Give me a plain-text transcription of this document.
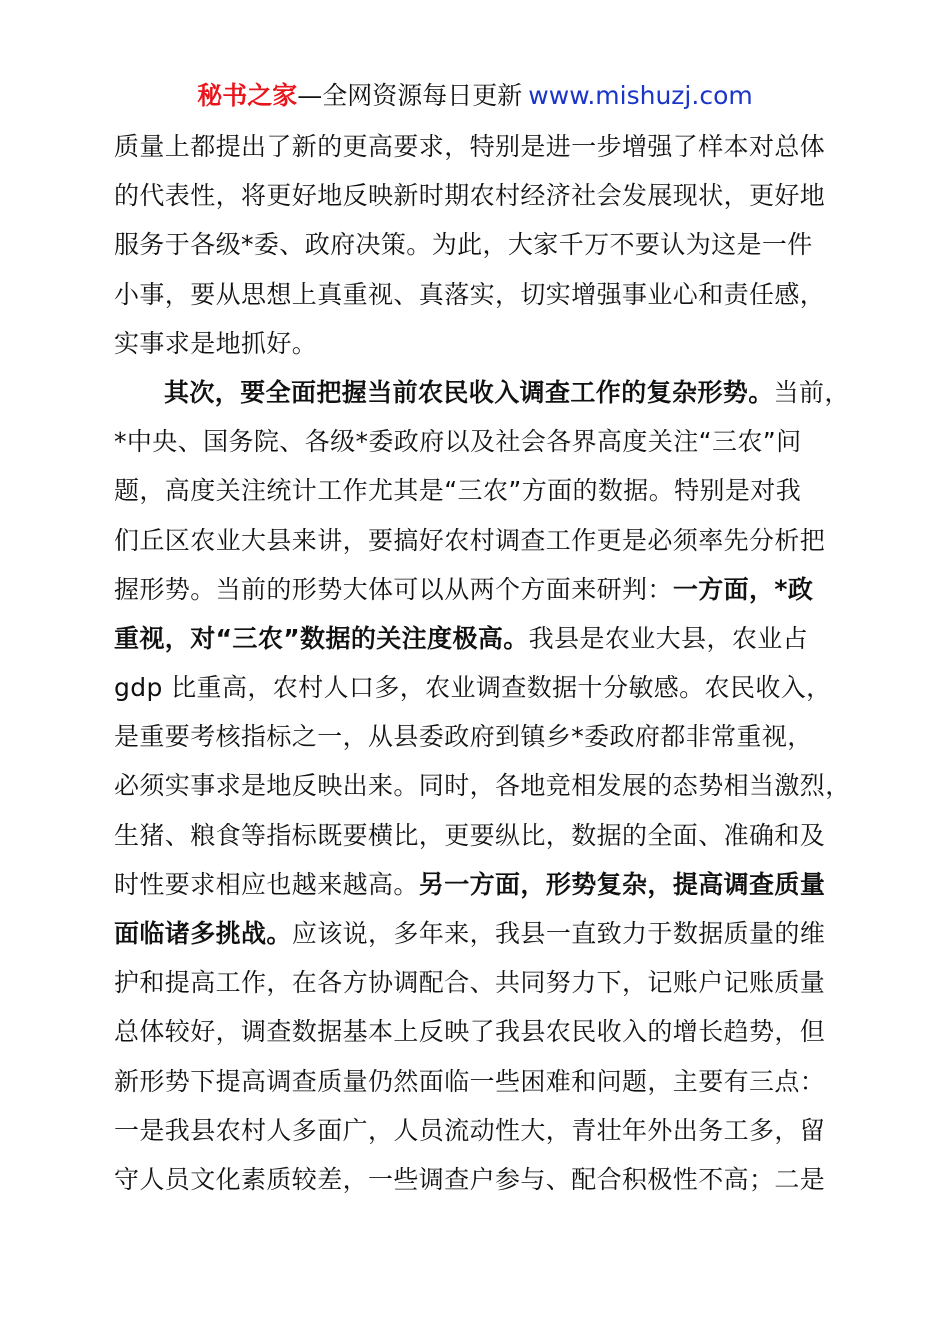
秘书之家—全网资源每日更新 www.mishuzj.com
质量上都提出了新的更高要求，特别是进一步增强了样本对总体
的代表性，将更好地反映新时期农村经济社会发展现状，更好地
服务于各级*委、政府决策。为此，大家千万不要认为这是一件
小事，要从思想上真重视、真落实，切实增强事业心和责任感，
实事求是地抓好。
其次，要全面把握当前农民收入调查工作的复杂形势。当前，
*中央、国务院、各级*委政府以及社会各界高度关注“三农”问
题，高度关注统计工作尤其是“三农”方面的数据。特别是对我
们丘区农业大县来讲，要搞好农村调查工作更是必须率先分析把
握形势。当前的形势大体可以从两个方面来研判：一方面，*政
重视，对“三农”数据的关注度极高。我县是农业大县，农业占
gdp 比重高，农村人口多，农业调查数据十分敏感。农民收入，
是重要考核指标之一，从县委政府到镇乡*委政府都非常重视，
必须实事求是地反映出来。同时，各地竞相发展的态势相当激烈，
生猪、粮食等指标既要横比，更要纵比，数据的全面、准确和及
时性要求相应也越来越高。另一方面，形势复杂，提高调查质量
面临诸多挑战。应该说，多年来，我县一直致力于数据质量的维
护和提高工作，在各方协调配合、共同努力下，记账户记账质量
总体较好，调查数据基本上反映了我县农民收入的增长趋势，但
新形势下提高调查质量仍然面临一些困难和问题，主要有三点：
一是我县农村人多面广，人员流动性大，青壮年外出务工多，留
守人员文化素质较差，一些调查户参与、配合积极性不高；二是
